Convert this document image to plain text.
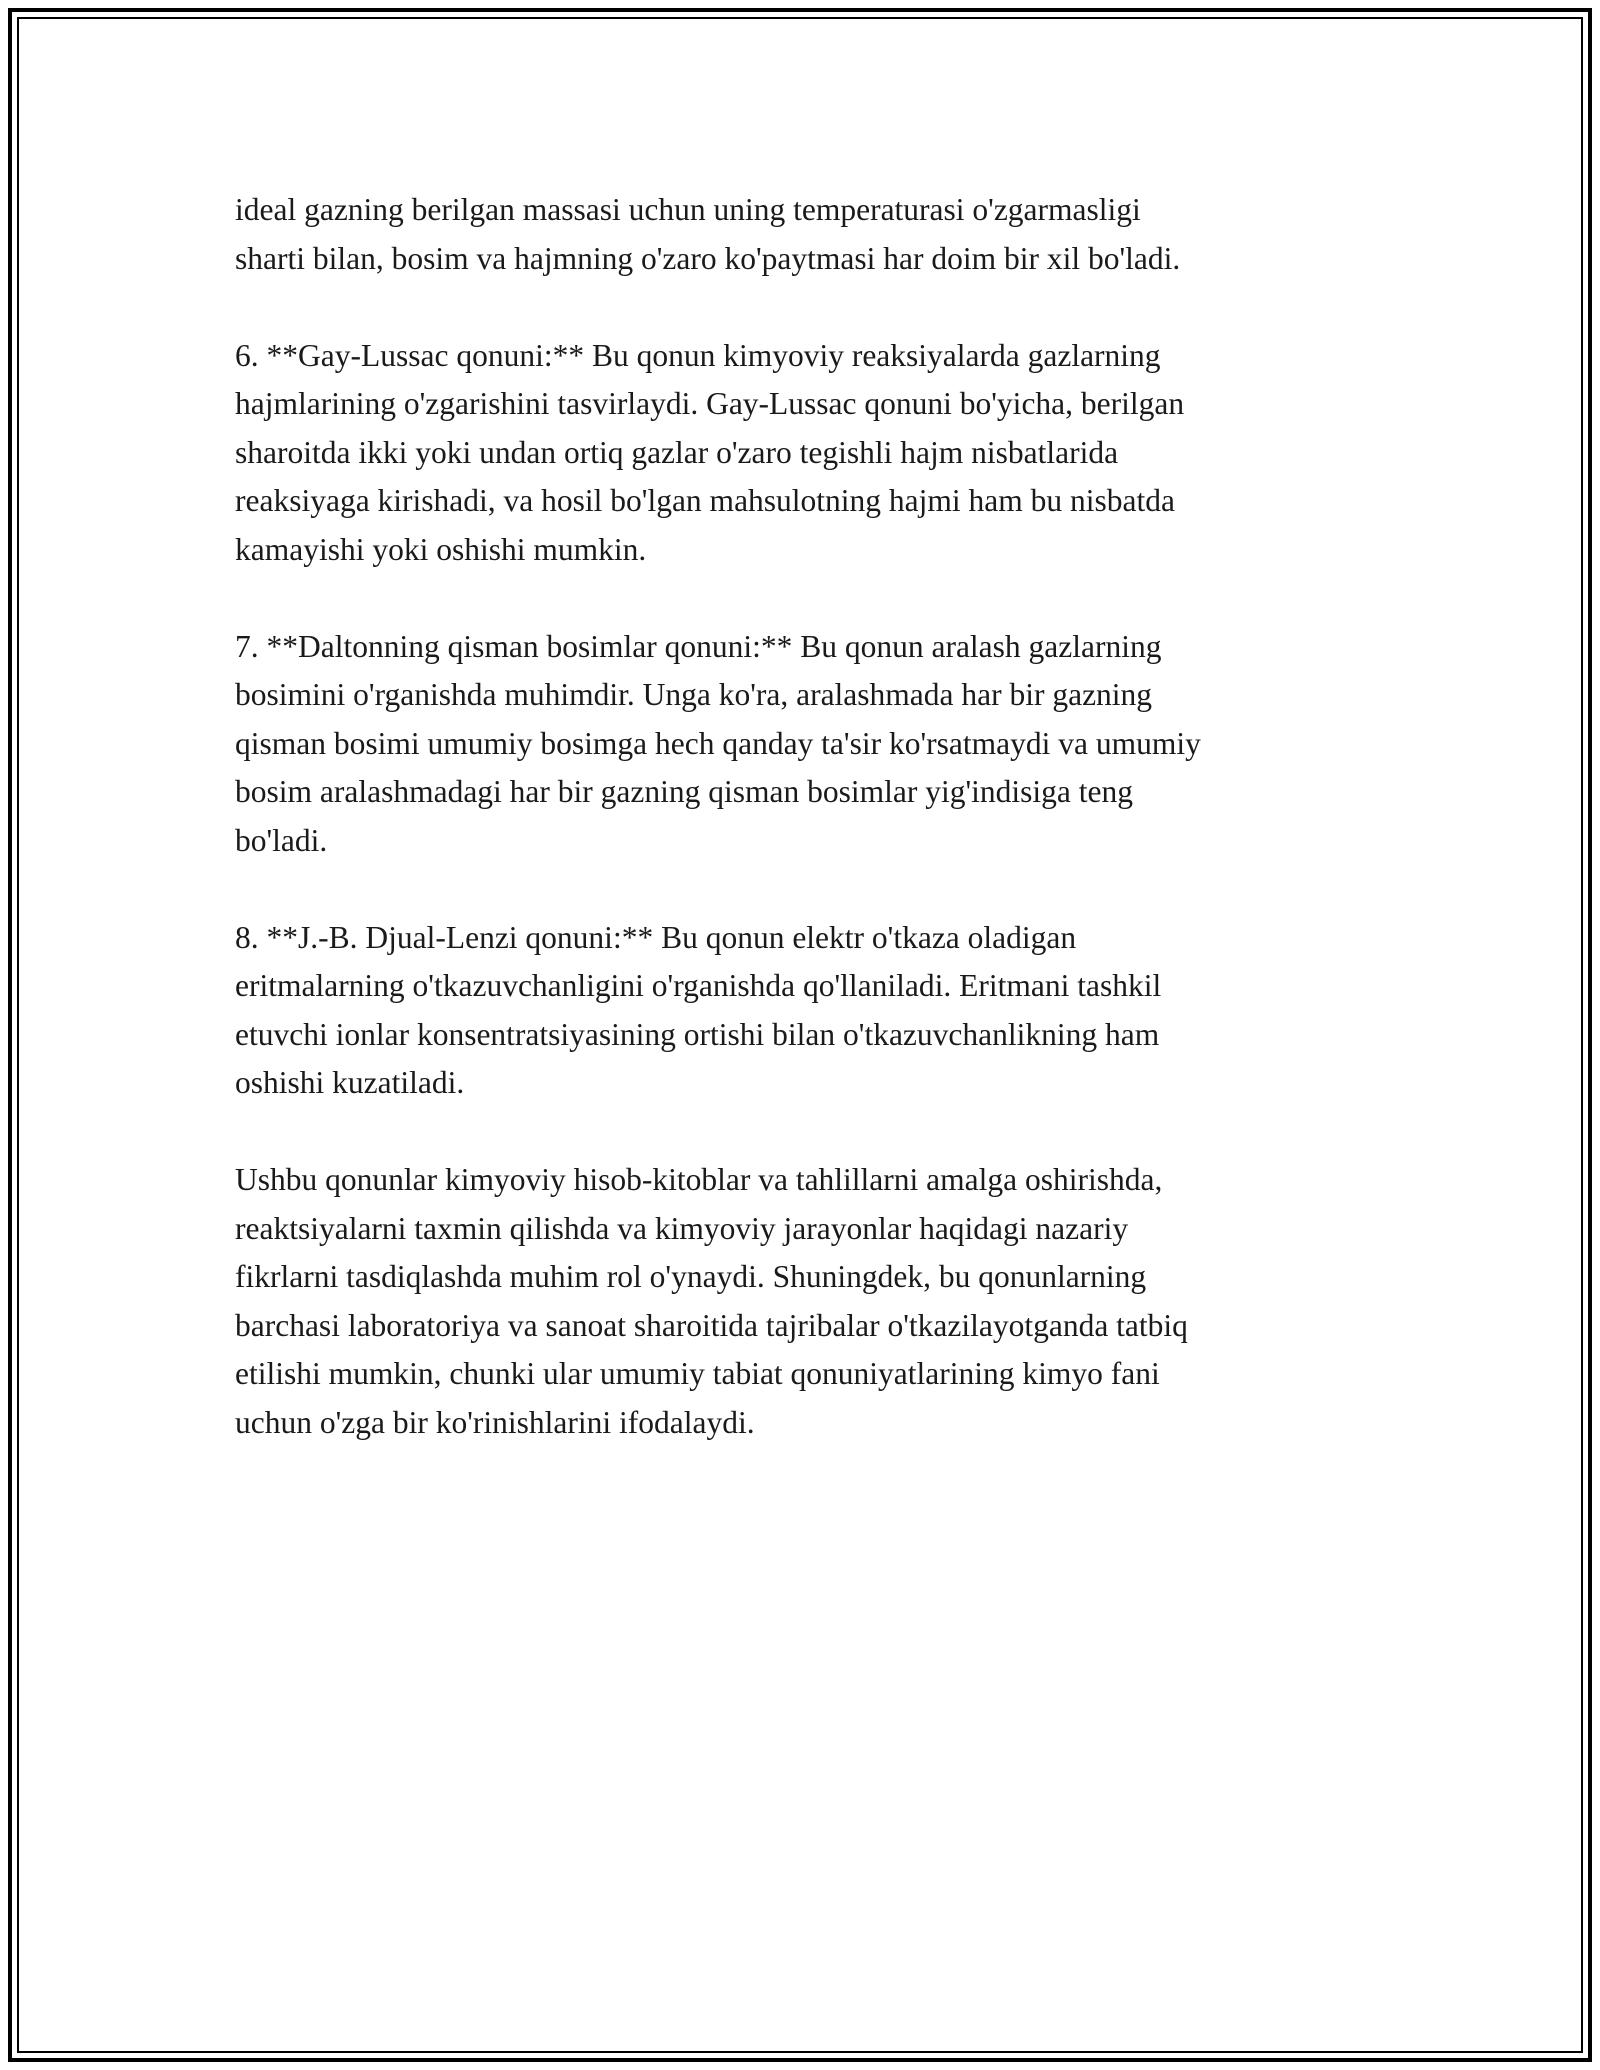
ideal gazning berilgan massasi uchun uning temperaturasi o'zgarmasligi
sharti bilan, bosim va hajmning o'zaro ko'paytmasi har doim bir xil bo'ladi.

6. **Gay-Lussac qonuni:** Bu qonun kimyoviy reaksiyalarda gazlarning
hajmlarining o'zgarishini tasvirlaydi. Gay-Lussac qonuni bo'yicha, berilgan
sharoitda ikki yoki undan ortiq gazlar o'zaro tegishli hajm nisbatlarida
reaksiyaga kirishadi, va hosil bo'lgan mahsulotning hajmi ham bu nisbatda
kamayishi yoki oshishi mumkin.

7. **Daltonning qisman bosimlar qonuni:** Bu qonun aralash gazlarning
bosimini o'rganishda muhimdir. Unga ko'ra, aralashmada har bir gazning
qisman bosimi umumiy bosimga hech qanday ta'sir ko'rsatmaydi va umumiy
bosim aralashmadagi har bir gazning qisman bosimlar yig'indisiga teng
bo'ladi.

8. **J.-B. Djual-Lenzi qonuni:** Bu qonun elektr o'tkaza oladigan
eritmalarning o'tkazuvchanligini o'rganishda qo'llaniladi. Eritmani tashkil
etuvchi ionlar konsentratsiyasining ortishi bilan o'tkazuvchanlikning ham
oshishi kuzatiladi.

Ushbu qonunlar kimyoviy hisob-kitoblar va tahlillarni amalga oshirishda,
reaktsiyalarni taxmin qilishda va kimyoviy jarayonlar haqidagi nazariy
fikrlarni tasdiqlashda muhim rol o'ynaydi. Shuningdek, bu qonunlarning
barchasi laboratoriya va sanoat sharoitida tajribalar o'tkazilayotganda tatbiq
etilishi mumkin, chunki ular umumiy tabiat qonuniyatlarining kimyo fani
uchun o'zga bir ko'rinishlarini ifodalaydi.
